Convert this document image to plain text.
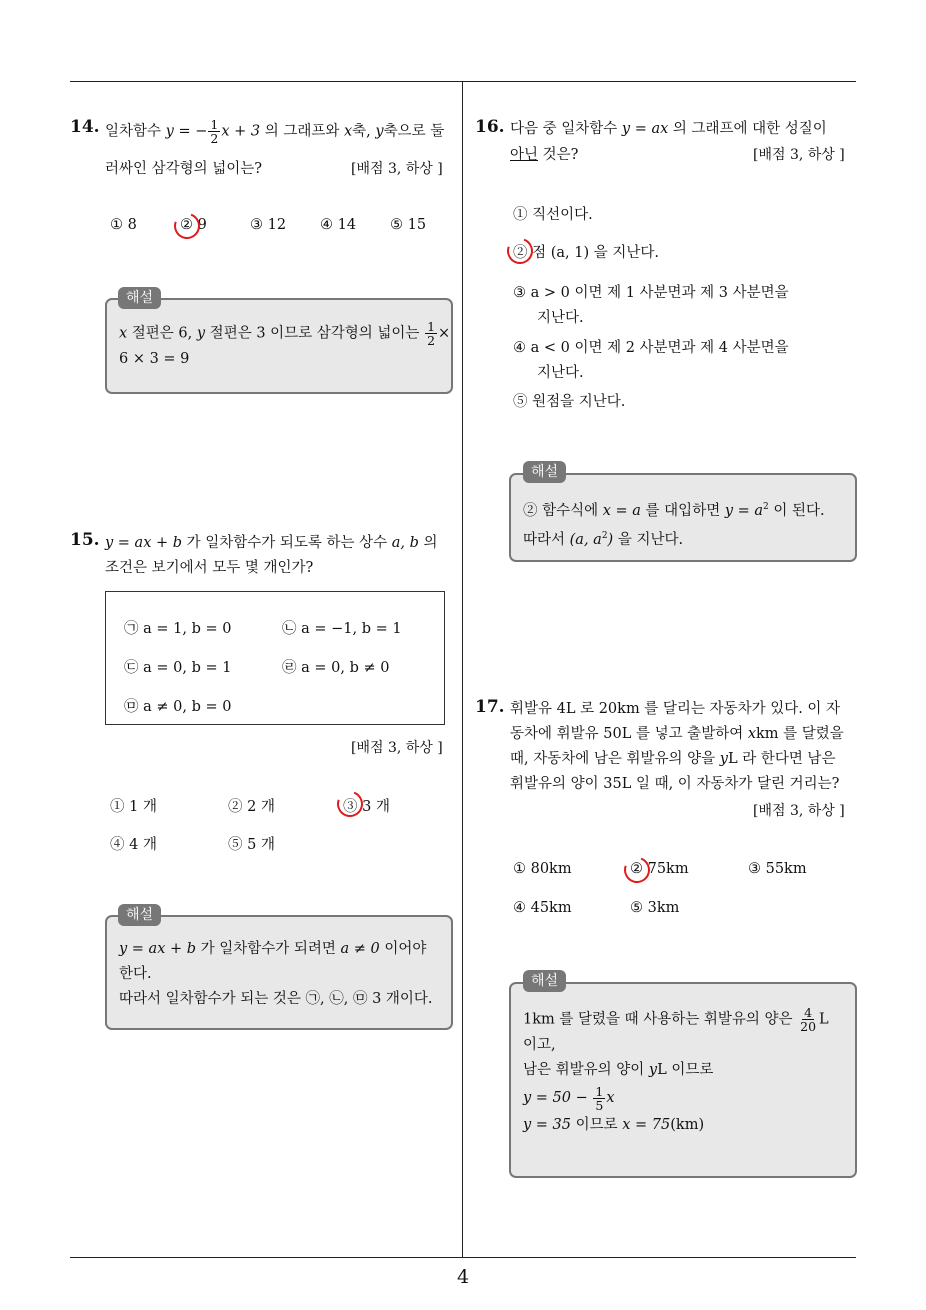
4
14. 일차함수 y = − $\frac{1}{2}$ x + 3 의 그래프와 x축, y축으로 둘
러싸인 삼각형의 넓이는?	[배점 3, 하상 ]
① 8	② 9	③ 12 ④ 14 ⑤ 15
x 절편은 6, y 절편은 3 이므로 삼각형의 넓이는 $\frac{1}{2}$ ×
6 × 3 = 9
해설
15. y = ax + b 가 일차함수가 되도록 하는 상수 a, b 의
조건은 보기에서 모두 몇 개인가?
㉠ a = 1, b = 0	㉡ a = −1, b = 1
㉢ a = 0, b = 1	㉣ a = 0, b ≠ 0
㉤ a ≠ 0, b = 0
[배점 3, 하상 ]
① 1 개	② 2 개	③ 3 개
④ 4 개	⑤ 5 개
y = ax + b 가 일차함수가 되려면 a ≠ 0 이어야
한다.
따라서 일차함수가 되는 것은 ㉠, ㉡, ㉤ 3 개이다.
해설
16. 다음 중 일차함수 y = ax 의 그래프에 대한 성질이
아닌 것은?	[배점 3, 하상 ]
① 직선이다.
② 점 (a, 1) 을 지난다.
③ a > 0 이면 제 1 사분면과 제 3 사분면을
지난다.
④ a < 0 이면 제 2 사분면과 제 4 사분면을
지난다.
⑤ 원점을 지난다.
② 함수식에 x = a 를 대입하면 $y = a^2$ 이 된다.
따라서 (a, $a^2$) 을 지난다.
해설
17. 휘발유 4L 로 20km 를 달리는 자동차가 있다. 이 자
동차에 휘발유 50L 를 넣고 출발하여 xkm 를 달렸을
때, 자동차에 남은 휘발유의 양을 yL 라 한다면 남은
휘발유의 양이 35L 일 때, 이 자동차가 달린 거리는?
[배점 3, 하상 ]
① 80km	② 75km	③ 55km
④ 45km	⑤ 3km
1km 를 달렸을 때 사용하는 휘발유의 양은 $\frac{4}{20}$ L
이고,
남은 휘발유의 양이 yL 이므로
$y = 50 - \frac{1}{5}$ x
y = 35 이므로 x = 75(km)
해설
